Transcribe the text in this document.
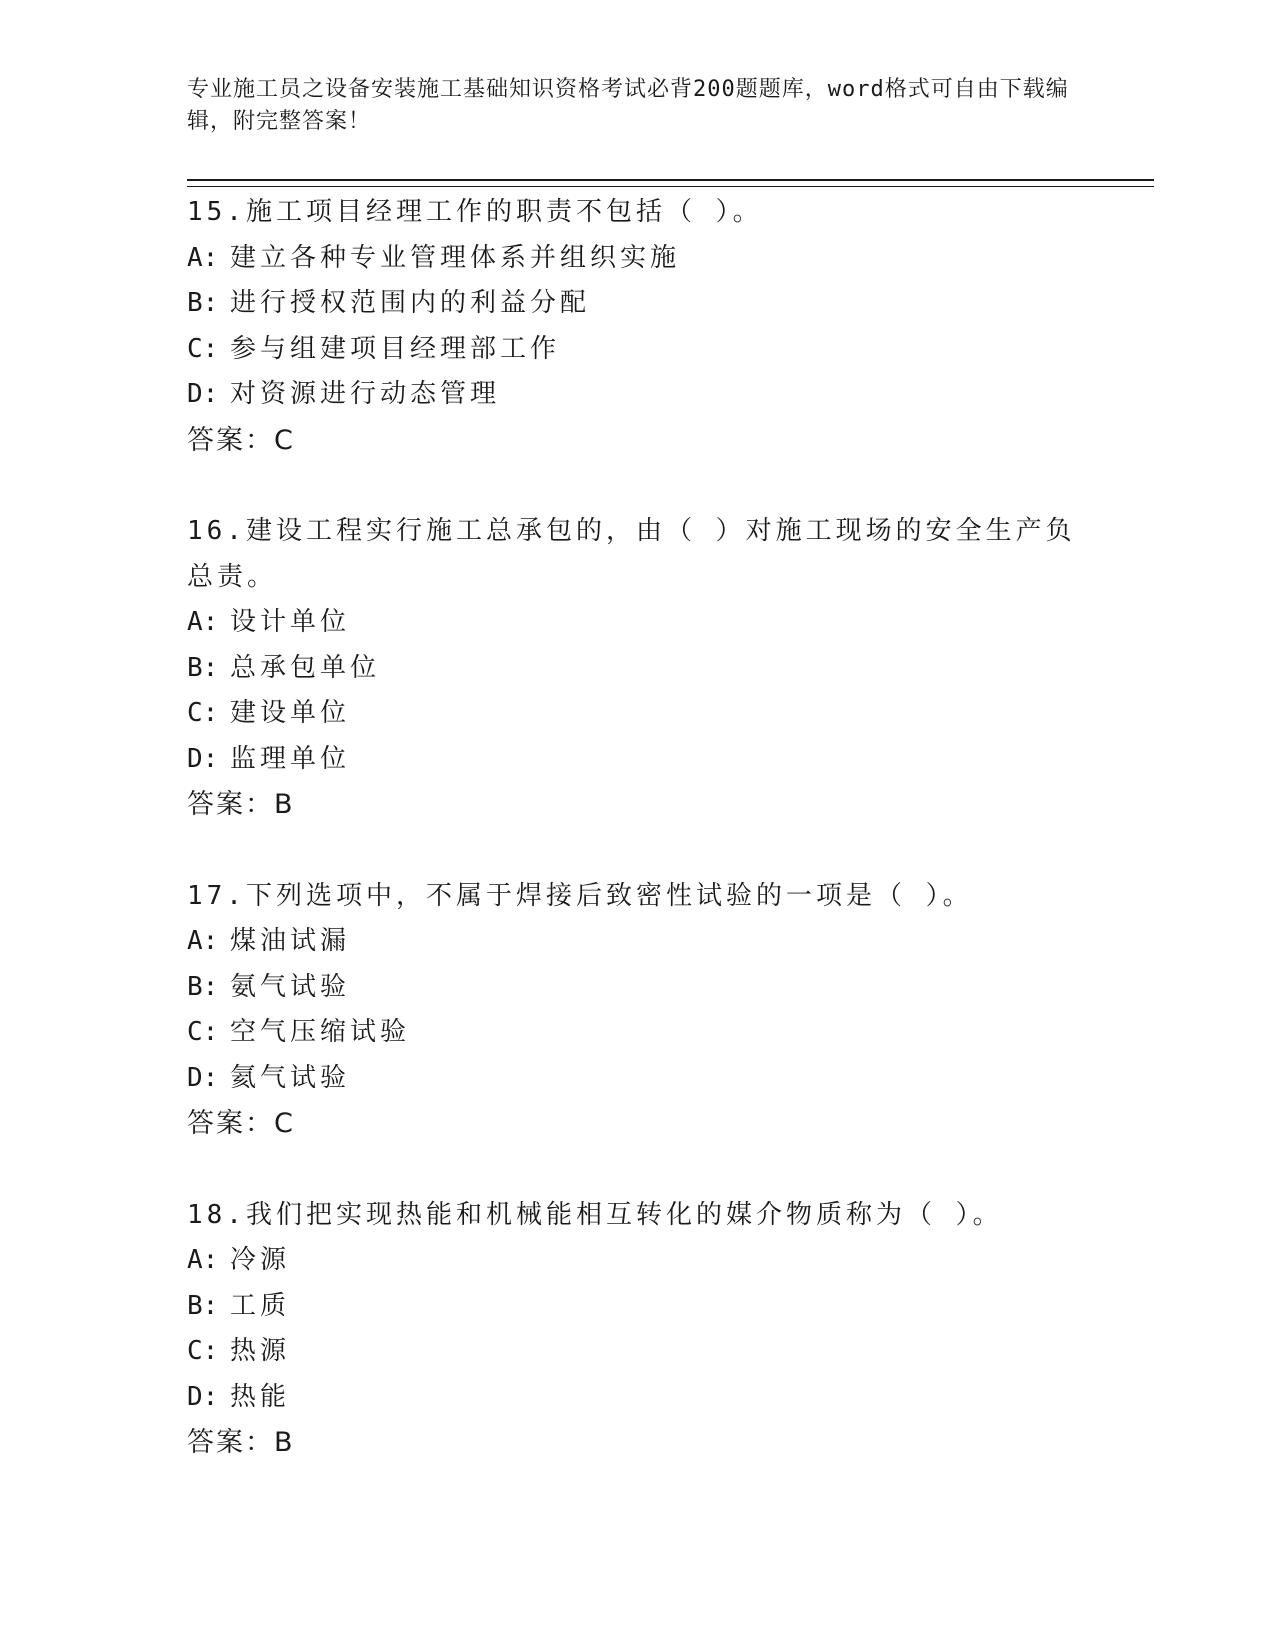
专业施工员之设备安装施工基础知识资格考试必背200题题库，word格式可自由下载编辑，附完整答案！
15.施工项目经理工作的职责不包括（ ）。
A: 建立各种专业管理体系并组织实施
B: 进行授权范围内的利益分配
C: 参与组建项目经理部工作
D: 对资源进行动态管理
答案：C
16.建设工程实行施工总承包的，由（ ）对施工现场的安全生产负总责。
A: 设计单位
B: 总承包单位
C: 建设单位
D: 监理单位
答案：B
17.下列选项中，不属于焊接后致密性试验的一项是（ ）。
A: 煤油试漏
B: 氨气试验
C: 空气压缩试验
D: 氦气试验
答案：C
18.我们把实现热能和机械能相互转化的媒介物质称为（ ）。
A: 冷源
B: 工质
C: 热源
D: 热能
答案：B
